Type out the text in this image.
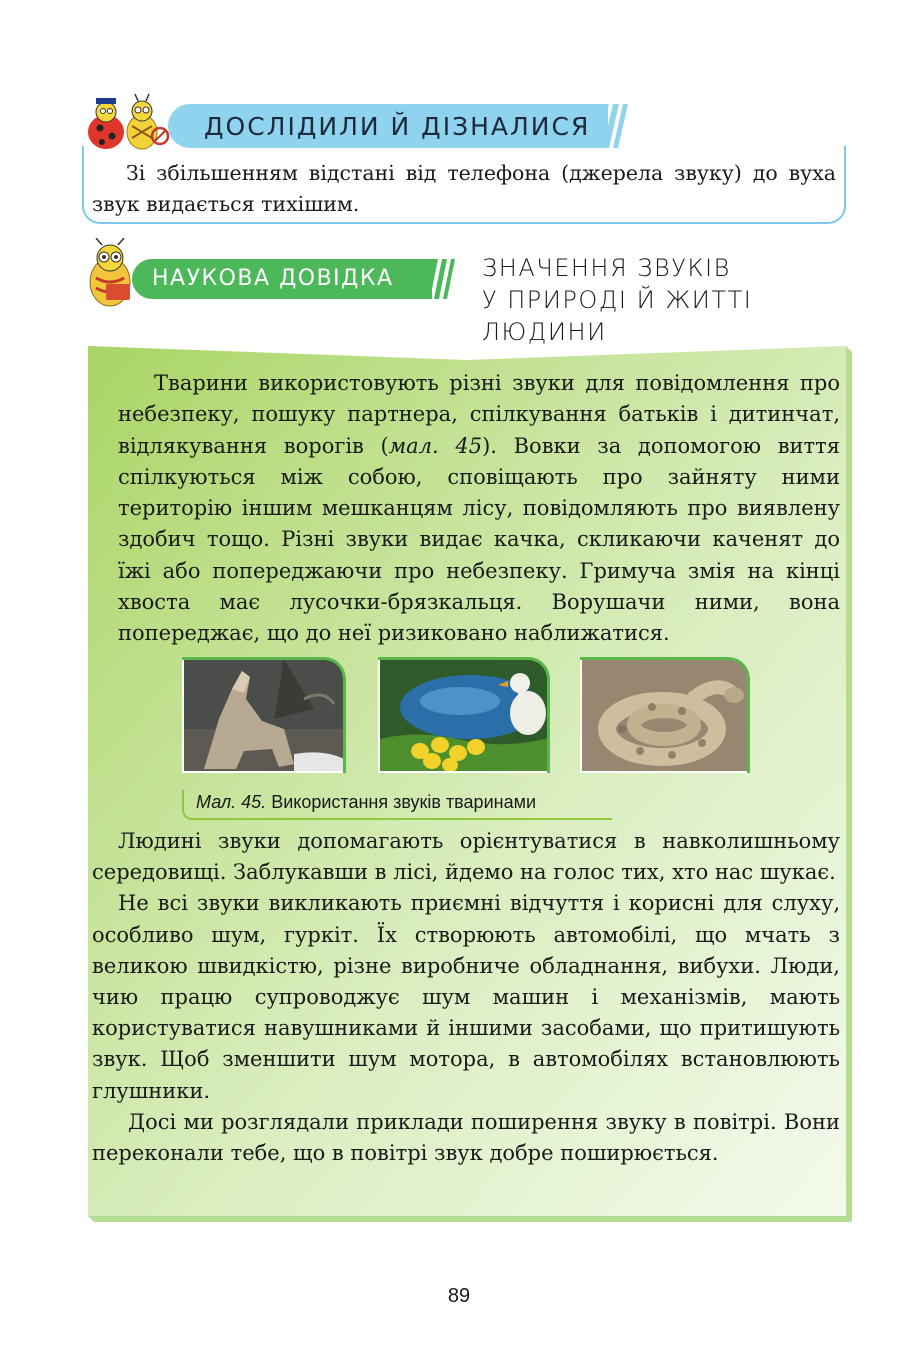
ДОСЛІДИЛИ Й ДІЗНАЛИСЯ
Зі збільшенням відстані від телефона (джерела звуку) до вуха звук видається тихішим.
НАУКОВА ДОВІДКА	ЗНАЧЕННЯ ЗВУКІВ
У ПРИРОДІ Й ЖИТТІ
ЛЮДИНИ

Тварини використовують різні звуки для повідомлення про небезпеку, пошуку партнера, спілкування батьків і дитинчат, відлякування ворогів (мал. 45). Вовки за допомогою виття спілкуються між собою, сповіщають про зайняту ними територію іншим мешканцям лісу, повідомляють про виявлену здобич тощо. Різні звуки видає качка, скликаючи каченят до їжі або попереджаючи про небезпеку. Гримуча змія на кінці хвоста має лусочки-брязкальця. Ворушачи ними, вона попереджає, що до неї ризиковано наближатися.

Мал. 45. Використання звуків тваринами

Людині звуки допомагають орієнтуватися в навколишньому середовищі. Заблукавши в лісі, йдемо на голос тих, хто нас шукає.

Не всі звуки викликають приємні відчуття і корисні для слуху, особливо шум, гуркіт. Їх створюють автомобілі, що мчать з великою швидкістю, різне виробниче обладнання, вибухи. Люди, чию працю супроводжує шум машин і механізмів, мають користуватися навушниками й іншими засобами, що притишують звук. Щоб зменшити шум мотора, в автомобілях встановлюють глушники.

Досі ми розглядали приклади поширення звуку в повітрі. Вони переконали тебе, що в повітрі звук добре поширюється.

89
